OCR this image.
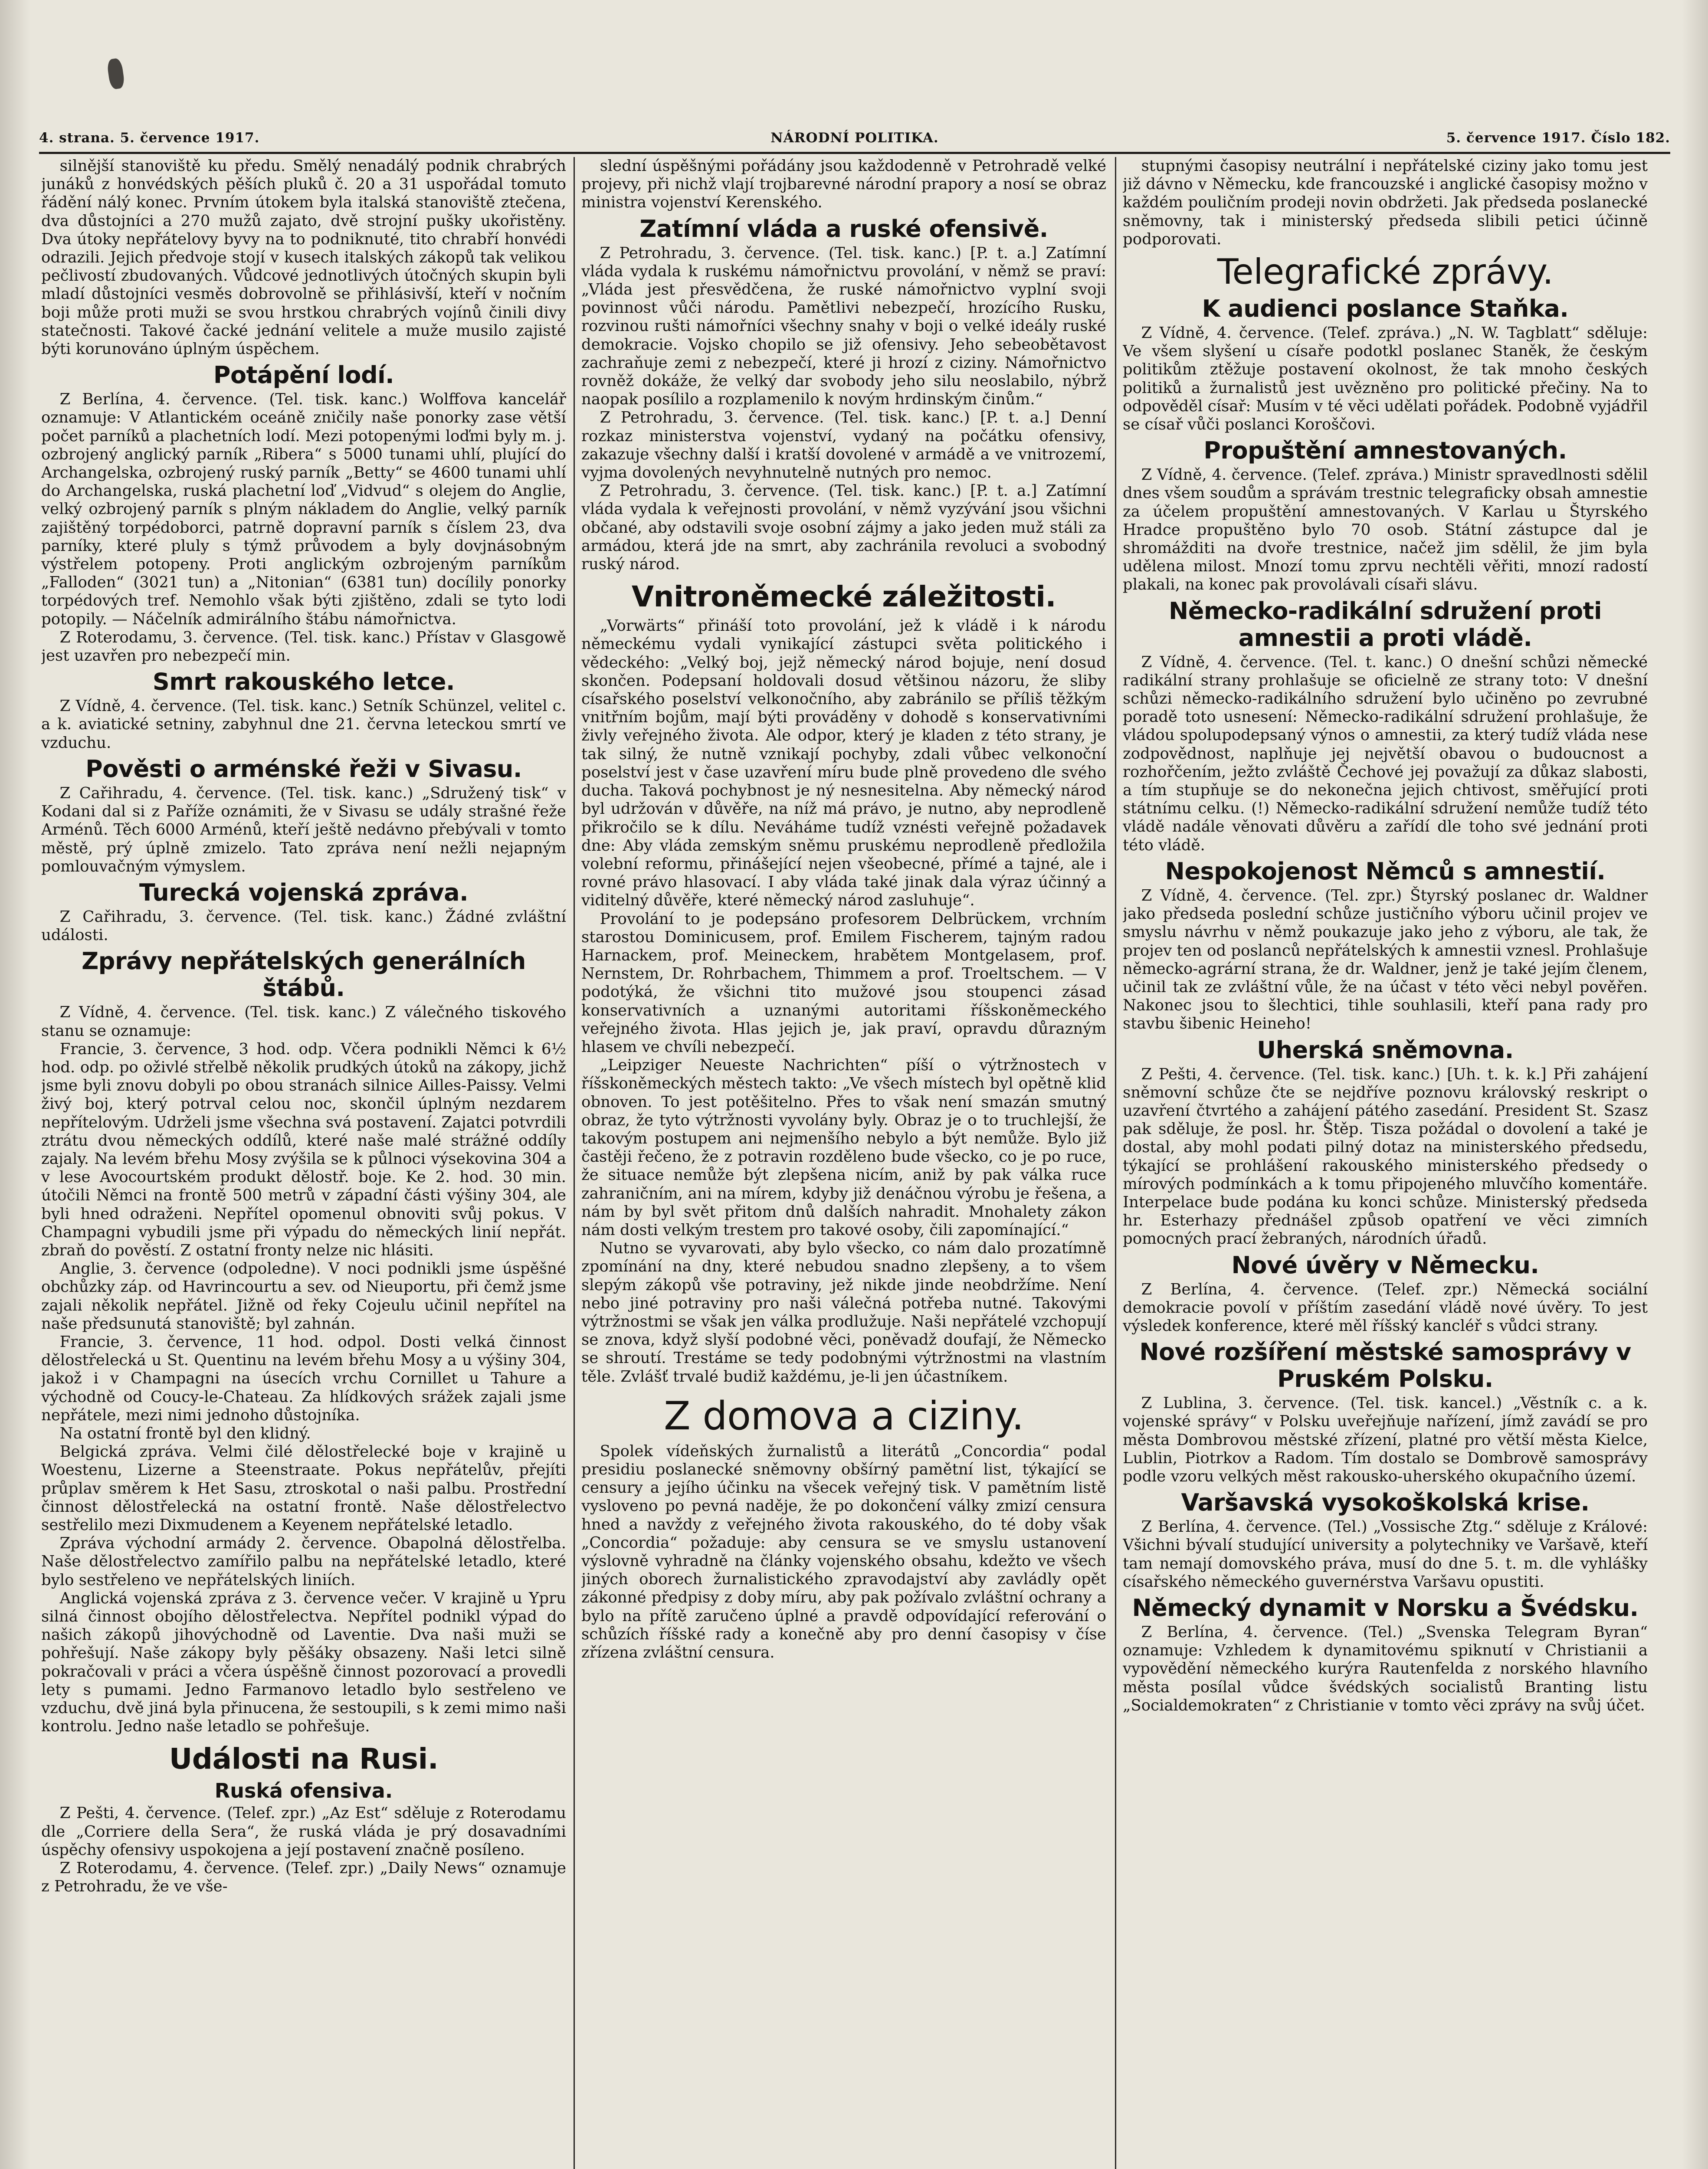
4. strana. 5. července 1917.	NÁRODNÍ POLITIKA.	5. července 1917. Číslo 182.

silnější stanoviště ku předu. Smělý nenadálý podnik chrabrých junáků z honvédských pěších pluků č. 20 a 31 uspořádal tomuto řádění nálý konec. Prvním útokem byla italská stanoviště ztečena, dva důstojníci a 270 mužů zajato, dvě strojní pušky ukořistěny. Dva útoky nepřátelovy byvy na to podniknuté, tito chrabří honvédi odrazili. Jejich předvoje stojí v kusech italských zákopů tak velikou pečlivostí zbudovaných. Vůdcové jednotlivých útočných skupin byli mladí důstojníci vesměs dobrovolně se přihlásivší, kteří v nočním boji může proti muži se svou hrstkou chrabrých vojínů činili divy statečnosti. Takové čacké jednání velitele a muže musilo zajisté býti korunováno úplným úspěchem.

Potápění lodí.

Z Berlína, 4. července. (Tel. tisk. kanc.) Wolffova kancelář oznamuje: V Atlantickém oceáně zničily naše ponorky zase větší počet parníků a plachetních lodí. Mezi potopenými loďmi byly m. j. ozbrojený anglický parník „Ribera“ s 5000 tunami uhlí, plující do Archangelska, ozbrojený ruský parník „Betty“ se 4600 tunami uhlí do Archangelska, ruská plachetní loď „Vidvud“ s olejem do Anglie, velký ozbrojený parník s plným nákladem do Anglie, velký parník zajištěný torpédoborci, patrně dopravní parník s číslem 23, dva parníky, které pluly s týmž průvodem a byly dovjnásobným výstřelem potopeny. Proti anglickým ozbrojeným parníkům „Falloden“ (3021 tun) a „Nitonian“ (6381 tun) docílily ponorky torpédových tref. Nemohlo však býti zjištěno, zdali se tyto lodi potopily. — Náčelník admirálního štábu námořnictva.

Z Roterodamu, 3. července. (Tel. tisk. kanc.) Přístav v Glasgowě jest uzavřen pro nebezpečí min.

Smrt rakouského letce.

Z Vídně, 4. července. (Tel. tisk. kanc.) Setník Schünzel, velitel c. a k. aviatické setniny, zabyhnul dne 21. června leteckou smrtí ve vzduchu.

Pověsti o arménské řeži v Sivasu.

Z Cařihradu, 4. července. (Tel. tisk. kanc.) „Sdružený tisk“ v Kodani dal si z Paříže oznámiti, že v Sivasu se udály strašné řeže Arménů. Těch 6000 Arménů, kteří ještě nedávno přebývali v tomto městě, prý úplně zmizelo. Tato zpráva není nežli nejapným pomlouvačným výmyslem.

Turecká vojenská zpráva.

Z Cařihradu, 3. července. (Tel. tisk. kanc.) Žádné zvláštní události.

Zprávy nepřátelských generálních štábů.

Z Vídně, 4. července. (Tel. tisk. kanc.) Z válečného tiskového stanu se oznamuje:

Francie, 3. července, 3 hod. odp. Včera podnikli Němci k 6½ hod. odp. po oživlé střelbě několik prudkých útoků na zákopy, jichž jsme byli znovu dobyli po obou stranách silnice Ailles-Paissy. Velmi živý boj, který potrval celou noc, skončil úplným nezdarem nepřítelovým. Udrželi jsme všechna svá postavení. Zajatci potvrdili ztrátu dvou německých oddílů, které naše malé strážné oddíly zajaly. Na levém břehu Mosy zvýšila se k půlnoci výsekovina 304 a v lese Avocourtském produkt dělostř. boje. Ke 2. hod. 30 min. útočili Němci na frontě 500 metrů v západní části výšiny 304, ale byli hned odraženi. Nepřítel opomenul obnoviti svůj pokus. V Champagni vybudili jsme při výpadu do německých linií nepřát. zbraň do pověstí. Z ostatní fronty nelze nic hlásiti.

Anglie, 3. července (odpoledne). V noci podnikli jsme úspěšné obchůzky záp. od Havrincourtu a sev. od Nieuportu, při čemž jsme zajali několik nepřátel. Jižně od řeky Cojeulu učinil nepřítel na naše předsunutá stanoviště; byl zahnán.

Francie, 3. července, 11 hod. odpol. Dosti velká činnost dělostřelecká u St. Quentinu na levém břehu Mosy a u výšiny 304, jakož i v Champagni na úsecích vrchu Cornillet u Tahure a východně od Coucy-le-Chateau. Za hlídkových srážek zajali jsme nepřátele, mezi nimi jednoho důstojníka.

Na ostatní frontě byl den klidný.

Belgická zpráva. Velmi čilé dělostřelecké boje v krajině u Woestenu, Lizerne a Steenstraate. Pokus nepřátelův, přejíti průplav směrem k Het Sasu, ztroskotal o naši palbu. Prostřední činnost dělostřelecká na ostatní frontě. Naše dělostřelectvo sestřelilo mezi Dixmudenem a Keyenem nepřátelské letadlo.

Zpráva východní armády 2. července. Obapolná dělostřelba. Naše dělostřelectvo zamířilo palbu na nepřátelské letadlo, které bylo sestřeleno ve nepřátelských liniích.

Anglická vojenská zpráva z 3. července večer. V krajině u Ypru silná činnost obojího dělostřelectva. Nepřítel podnikl výpad do našich zákopů jihovýchodně od Laventie. Dva naši muži se pohřešují. Naše zákopy byly pěšáky obsazeny. Naši letci silně pokračovali v práci a včera úspěšně činnost pozorovací a provedli lety s pumami. Jedno Farmanovo letadlo bylo sestřeleno ve vzduchu, dvě jiná byla přinucena, že sestoupili, s k zemi mimo naši kontrolu. Jedno naše letadlo se pohřešuje.

Události na Rusi.
Ruská ofensiva.

Z Pešti, 4. července. (Telef. zpr.) „Az Est“ sděluje z Roterodamu dle „Corriere della Sera“, že ruská vláda je prý dosavadními úspěchy ofensivy uspokojena a její postavení značně posíleno.

Z Roterodamu, 4. července. (Telef. zpr.) „Daily News“ oznamuje z Petrohradu, že ve vše-

slední úspěšnými pořádány jsou každodenně v Petrohradě velké projevy, při nichž vlají trojbarevné národní prapory a nosí se obraz ministra vojenství Kerenského.

Zatímní vláda a ruské ofensivě.

Z Petrohradu, 3. července. (Tel. tisk. kanc.) [P. t. a.] Zatímní vláda vydala k ruskému námořnictvu provolání, v němž se praví: „Vláda jest přesvědčena, že ruské námořnictvo vyplní svoji povinnost vůči národu. Pamětlivi nebezpečí, hrozícího Rusku, rozvinou rušti námořníci všechny snahy v boji o velké ideály ruské demokracie. Vojsko chopilo se již ofensivy. Jeho sebeobětavost zachraňuje zemi z nebezpečí, které ji hrozí z ciziny. Námořnictvo rovněž dokáže, že velký dar svobody jeho silu neoslabilo, nýbrž naopak posílilo a rozplamenilo k novým hrdinským činům.“

Z Petrohradu, 3. července. (Tel. tisk. kanc.) [P. t. a.] Denní rozkaz ministerstva vojenství, vydaný na počátku ofensivy, zakazuje všechny další i kratší dovolené v armádě a ve vnitrozemí, vyjma dovolených nevyhnutelně nutných pro nemoc.

Z Petrohradu, 3. července. (Tel. tisk. kanc.) [P. t. a.] Zatímní vláda vydala k veřejnosti provolání, v němž vyzývání jsou všichni občané, aby odstavili svoje osobní zájmy a jako jeden muž stáli za armádou, která jde na smrt, aby zachránila revoluci a svobodný ruský národ.

Vnitroněmecké záležitosti.

„Vorwärts“ přináší toto provolání, jež k vládě i k národu německému vydali vynikající zástupci světa politického i vědeckého: „Velký boj, jejž německý národ bojuje, není dosud skončen. Podepsaní holdovali dosud většinou názoru, že sliby císařského poselství velkonočního, aby zabránilo se příliš těžkým vnitřním bojům, mají býti prováděny v dohodě s konservativními živly veřejného života. Ale odpor, který je kladen z této strany, je tak silný, že nutně vznikají pochyby, zdali vůbec velkonoční poselství jest v čase uzavření míru bude plně provedeno dle svého ducha. Taková pochybnost je ný nesnesitelna. Aby německý národ byl udržován v důvěře, na níž má právo, je nutno, aby neprodleně přikročilo se k dílu. Neváháme tudíž vznésti veřejně požadavek dne: Aby vláda zemským sněmu pruskému neprodleně předložila volební reformu, přinášející nejen všeobecné, přímé a tajné, ale i rovné právo hlasovací. I aby vláda také jinak dala výraz účinný a viditelný důvěře, které německý národ zasluhuje“.

Provolání to je podepsáno profesorem Delbrückem, vrchním starostou Dominicusem, prof. Emilem Fischerem, tajným radou Harnackem, prof. Meineckem, hrabětem Montgelasem, prof. Nernstem, Dr. Rohrbachem, Thimmem a prof. Troeltschem. — V podotýká, že všichni tito mužové jsou stoupenci zásad konservativních a uznanými autoritami říšskoněmeckého veřejného života. Hlas jejich je, jak praví, opravdu důrazným hlasem ve chvíli nebezpečí.

„Leipziger Neueste Nachrichten“ píší o výtržnostech v říšskoněmeckých městech takto: „Ve všech místech byl opětně klid obnoven. To jest potěšitelno. Přes to však není smazán smutný obraz, že tyto výtržnosti vyvolány byly. Obraz je o to truchlejší, že takovým postupem ani nejmenšího nebylo a být nemůže. Bylo již častěji řečeno, že z potravin rozděleno bude všecko, co je po ruce, že situace nemůže být zlepšena nicím, aniž by pak válka ruce zahraničním, ani na mírem, kdyby již denáčnou výrobu je řešena, a nám by byl svět přitom dnů dalších nahradit. Mnohalety zákon nám dosti velkým trestem pro takové osoby, čili zapomínající.“

Nutno se vyvarovati, aby bylo všecko, co nám dalo prozatímně zpomínání na dny, které nebudou snadno zlepšeny, a to všem slepým zákopů vše potraviny, jež nikde jinde neobdržíme. Není nebo jiné potraviny pro naši válečná potřeba nutné. Takovými výtržnostmi se však jen válka prodlužuje. Naši nepřátelé vzchopují se znova, když slyší podobné věci, poněvadž doufají, že Německo se shroutí. Trestáme se tedy podobnými výtržnostmi na vlastním těle. Zvlášť trvalé budiž každému, je-li jen účastníkem.

Z domova a ciziny.

Spolek vídeňských žurnalistů a literátů „Concordia“ podal presidiu poslanecké sněmovny obšírný pamětní list, týkající se censury a jejího účinku na všecek veřejný tisk. V pamětním listě vysloveno po pevná naděje, že po dokončení války zmizí censura hned a navždy z veřejného života rakouského, do té doby však „Concordia“ požaduje: aby censura se ve smyslu ustanovení výslovně vyhradně na články vojenského obsahu, kdežto ve všech jiných oborech žurnalistického zpravodajství aby zavládly opět zákonné předpisy z doby míru, aby pak požívalo zvláštní ochrany a bylo na přítě zaručeno úplné a pravdě odpovídající referování o schůzích říšské rady a konečně aby pro denní časopisy v číse zřízena zvláštní censura.

stupnými časopisy neutrální i nepřátelské ciziny jako tomu jest již dávno v Německu, kde francouzské i anglické časopisy možno v každém pouličním prodeji novin obdržeti. Jak předseda poslanecké sněmovny, tak i ministerský předseda slibili petici účinně podporovati.

Telegrafické zprávy.
K audienci poslance Staňka.

Z Vídně, 4. července. (Telef. zpráva.) „N. W. Tagblatt“ sděluje: Ve všem slyšení u císaře podotkl poslanec Staněk, že českým politikům ztěžuje postavení okolnost, že tak mnoho českých politiků a žurnalistů jest uvězněno pro politické přečiny. Na to odpověděl císař: Musím v té věci udělati pořádek. Podobně vyjádřil se císař vůči poslanci Koroščovi.

Propuštění amnestovaných.

Z Vídně, 4. července. (Telef. zpráva.) Ministr spravedlnosti sdělil dnes všem soudům a správám trestnic telegraficky obsah amnestie za účelem propuštění amnestovaných. V Karlau u Štyrského Hradce propuštěno bylo 70 osob. Státní zástupce dal je shromážditi na dvoře trestnice, načež jim sdělil, že jim byla udělena milost. Mnozí tomu zprvu nechtěli věřiti, mnozí radostí plakali, na konec pak provolávali císaři slávu.

Německo-radikální sdružení proti amnestii a proti vládě.

Z Vídně, 4. července. (Tel. t. kanc.) O dnešní schůzi německé radikální strany prohlašuje se oficielně ze strany toto: V dnešní schůzi německo-radikálního sdružení bylo učiněno po zevrubné poradě toto usnesení: Německo-radikální sdružení prohlašuje, že vládou spolupodepsaný výnos o amnestii, za který tudíž vláda nese zodpovědnost, naplňuje jej největší obavou o budoucnost a rozhořčením, ježto zvláště Čechové jej považují za důkaz slabosti, a tím stupňuje se do nekonečna jejich chtivost, směřující proti státnímu celku. (!) Německo-radikální sdružení nemůže tudíž této vládě nadále věnovati důvěru a zařídí dle toho své jednání proti této vládě.

Nespokojenost Němců s amnestií.

Z Vídně, 4. července. (Tel. zpr.) Štyrský poslanec dr. Waldner jako předseda poslední schůze justičního výboru učinil projev ve smyslu návrhu v němž poukazuje jako jeho z výboru, ale tak, že projev ten od poslanců nepřátelských k amnestii vznesl. Prohlašuje německo-agrární strana, že dr. Waldner, jenž je také jejím členem, učinil tak ze zvláštní vůle, že na účast v této věci nebyl pověřen. Nakonec jsou to šlechtici, tihle souhlasili, kteří pana rady pro stavbu šibenic Heineho!

Uherská sněmovna.

Z Pešti, 4. července. (Tel. tisk. kanc.) [Uh. t. k. k.] Při zahájení sněmovní schůze čte se nejdříve poznovu královský reskript o uzavření čtvrtého a zahájení pátého zasedání. President St. Szasz pak sděluje, že posl. hr. Štěp. Tisza požádal o dovolení a také je dostal, aby mohl podati pilný dotaz na ministerského předsedu, týkající se prohlášení rakouského ministerského předsedy o mírových podmínkách a k tomu připojeného mluvčího komentáře. Interpelace bude podána ku konci schůze. Ministerský předseda hr. Esterhazy přednášel způsob opatření ve věci zimních pomocných prací žebraných, národních úřadů.

Nové úvěry v Německu.

Z Berlína, 4. července. (Telef. zpr.) Německá sociální demokracie povolí v příštím zasedání vládě nové úvěry. To jest výsledek konference, které měl říšský kancléř s vůdci strany.

Nové rozšíření městské samosprávy v Pruském Polsku.

Z Lublina, 3. července. (Tel. tisk. kancel.) „Věstník c. a k. vojenské správy“ v Polsku uveřejňuje nařízení, jímž zavádí se pro města Dombrovou městské zřízení, platné pro větší města Kielce, Lublin, Piotrkov a Radom. Tím dostalo se Dombrově samosprávy podle vzoru velkých měst rakousko-uherského okupačního území.

Varšavská vysokoškolská krise.

Z Berlína, 4. července. (Tel.) „Vossische Ztg.“ sděluje z Králové: Všichni bývalí studující university a polytechniky ve Varšavě, kteří tam nemají domovského práva, musí do dne 5. t. m. dle vyhlášky císařského německého guvernérstva Varšavu opustiti.

Německý dynamit v Norsku a Švédsku.

Z Berlína, 4. července. (Tel.) „Svenska Telegram Byran“ oznamuje: Vzhledem k dynamitovému spiknutí v Christianii a vypovědění německého kurýra Rautenfelda z norského hlavního města posílal vůdce švédských socialistů Branting listu „Socialdemokraten“ z Christianie v tomto věci zprávy na svůj účet.
